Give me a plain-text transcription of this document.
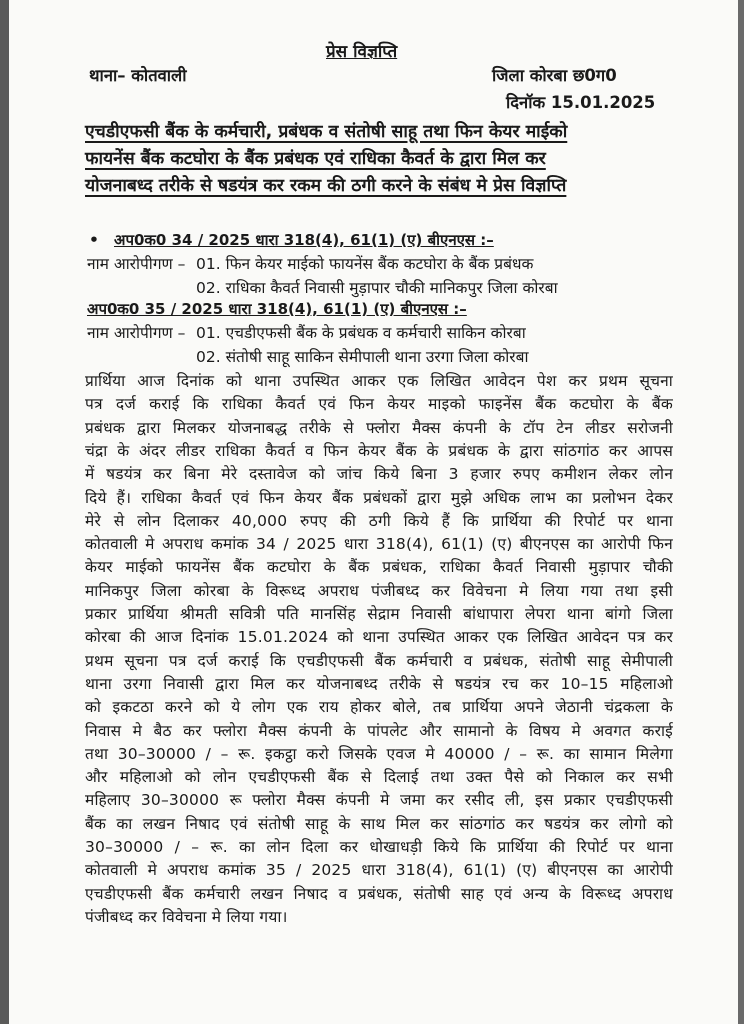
प्रेस विज्ञप्ति
थाना– कोतवाली	जिला कोरबा छ0ग0
दिनॉक 15.01.2025
एचडीएफसी बैंक के कर्मचारी, प्रबंधक व संतोषी साहू तथा फिन केयर माईको
फायनेंस बैंक कटघोरा के बैंक प्रबंधक एवं राधिका कैवर्त के द्वारा मिल कर
योजनाबध्द तरीके से षडयंत्र कर रकम की ठगी करने के संबंध मे प्रेस विज्ञप्ति
• अप0क0 34 / 2025 धारा 318(4), 61(1) (ए) बीएनएस :–
नाम आरोपीगण – 01. फिन केयर माईको फायनेंस बैंक कटघोरा के बैंक प्रबंधक
02. राधिका कैवर्त निवासी मुड़ापार चौकी मानिकपुर जिला कोरबा
अप0क0 35 / 2025 धारा 318(4), 61(1) (ए) बीएनएस :–
नाम आरोपीगण – 01. एचडीएफसी बैंक के प्रबंधक व कर्मचारी साकिन कोरबा
02. संतोषी साहू साकिन सेमीपाली थाना उरगा जिला कोरबा
प्रार्थिया आज दिनांक को थाना उपस्थित आकर एक लिखित आवेदन पेश कर प्रथम सूचना
पत्र दर्ज कराई कि राधिका कैवर्त एवं फिन केयर माइको फाइनेंस बैंक कटघोरा के बैंक
प्रबंधक द्वारा मिलकर योजनाबद्ध तरीके से फ्लोरा मैक्स कंपनी के टॉप टेन लीडर सरोजनी
चंद्रा के अंदर लीडर राधिका कैवर्त व फिन केयर बैंक के प्रबंधक के द्वारा सांठगांठ कर आपस
में षडयंत्र कर बिना मेरे दस्तावेज को जांच किये बिना 3 हजार रुपए कमीशन लेकर लोन
दिये हैं। राधिका कैवर्त एवं फिन केयर बैंक प्रबंधकों द्वारा मुझे अधिक लाभ का प्रलोभन देकर
मेरे से लोन दिलाकर 40,000 रुपए की ठगी किये हैं कि प्रार्थिया की रिपोर्ट पर थाना
कोतवाली मे अपराध कमांक 34 / 2025 धारा 318(4), 61(1) (ए) बीएनएस का आरोपी फिन
केयर माईको फायनेंस बैंक कटघोरा के बैंक प्रबंधक, राधिका कैवर्त निवासी मुड़ापार चौकी
मानिकपुर जिला कोरबा के विरूध्द अपराध पंजीबध्द कर विवेचना मे लिया गया तथा इसी
प्रकार प्रार्थिया श्रीमती सवित्री पति मानसिंह सेद्राम निवासी बांधापारा लेपरा थाना बांगो जिला
कोरबा की आज दिनांक 15.01.2024 को थाना उपस्थित आकर एक लिखित आवेदन पत्र कर
प्रथम सूचना पत्र दर्ज कराई कि एचडीएफसी बैंक कर्मचारी व प्रबंधक, संतोषी साहू सेमीपाली
थाना उरगा निवासी द्वारा मिल कर योजनाबध्द तरीके से षडयंत्र रच कर 10–15 महिलाओ
को इकटठा करने को ये लोग एक राय होकर बोले, तब प्रार्थिया अपने जेठानी चंद्रकला के
निवास मे बैठ कर फ्लोरा मैक्स कंपनी के पांपलेट और सामानो के विषय मे अवगत कराई
तथा 30–30000 / – रू. इकट्ठा करो जिसके एवज मे 40000 / – रू. का सामान मिलेगा
और महिलाओ को लोन एचडीएफसी बैंक से दिलाई तथा उक्त पैसे को निकाल कर सभी
महिलाए 30–30000 रू फ्लोरा मैक्स कंपनी मे जमा कर रसीद ली, इस प्रकार एचडीएफसी
बैंक का लखन निषाद एवं संतोषी साहू के साथ मिल कर सांठगांठ कर षडयंत्र कर लोगो को
30–30000 / – रू. का लोन दिला कर धोखाधड़ी किये कि प्रार्थिया की रिपोर्ट पर थाना
कोतवाली मे अपराध कमांक 35 / 2025 धारा 318(4), 61(1) (ए) बीएनएस का आरोपी
एचडीएफसी बैंक कर्मचारी लखन निषाद व प्रबंधक, संतोषी साह एवं अन्य के विरूध्द अपराध
पंजीबध्द कर विवेचना मे लिया गया।
